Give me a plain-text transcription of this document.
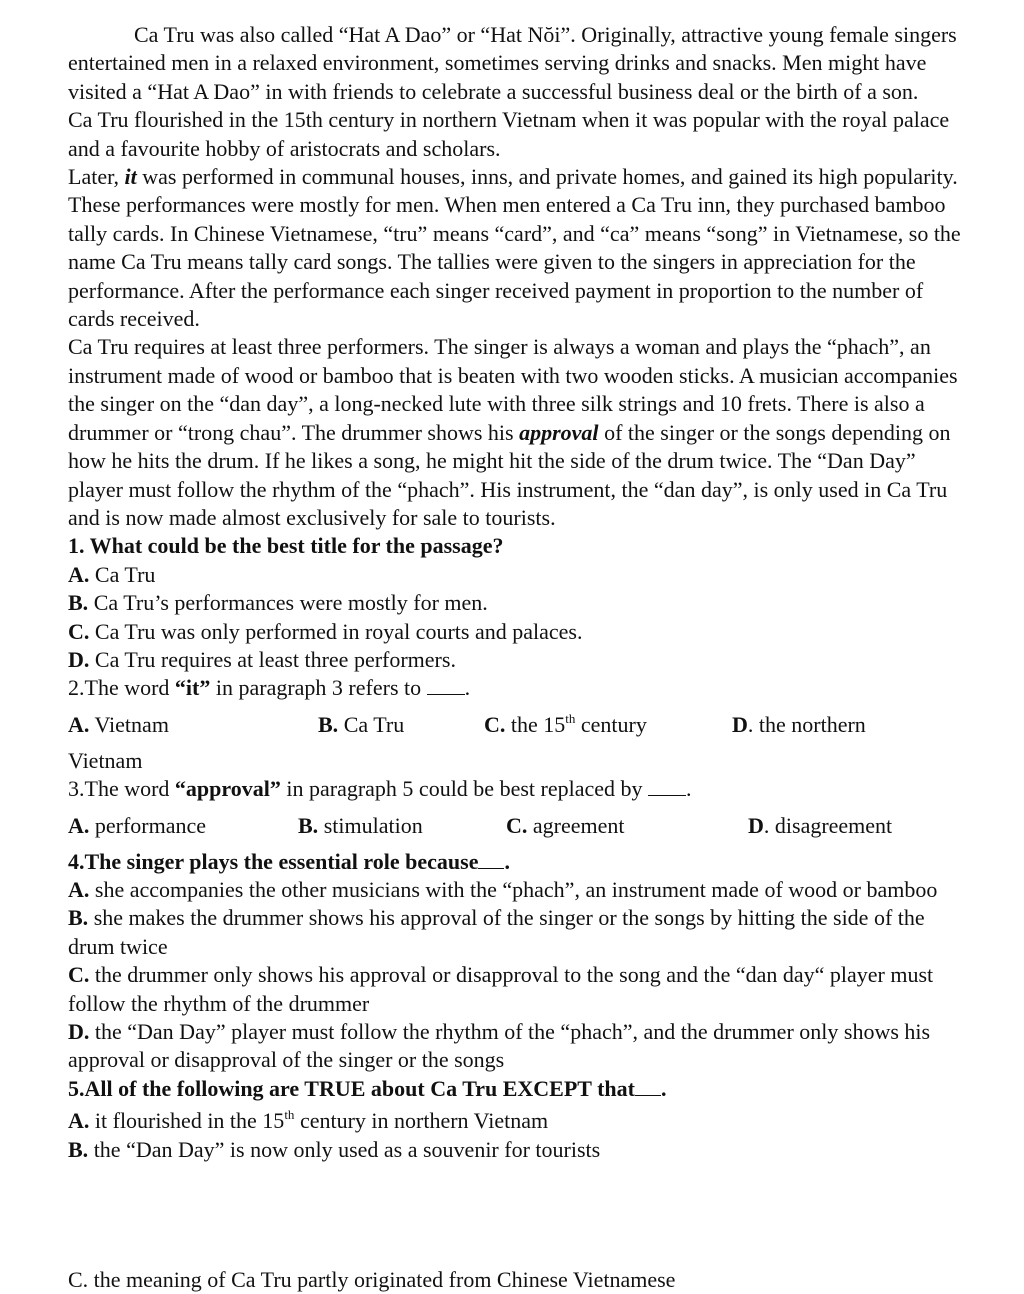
Ca Tru was also called “Hat A Dao” or “Hat Nŏi”. Originally, attractive young female singers entertained men in a relaxed environment, sometimes serving drinks and snacks. Men might have visited a “Hat A Dao” in with friends to celebrate a successful business deal or the birth of a son.

Ca Tru flourished in the 15th century in northern Vietnam when it was popular with the royal palace and a favourite hobby of aristocrats and scholars.

Later, it was performed in communal houses, inns, and private homes, and gained its high popularity.

These performances were mostly for men. When men entered a Ca Tru inn, they purchased bamboo tally cards. In Chinese Vietnamese, “tru” means “card”, and “ca” means “song” in Vietnamese, so the name Ca Tru means tally card songs. The tallies were given to the singers in appreciation for the performance. After the performance each singer received payment in proportion to the number of cards received.

Ca Tru requires at least three performers. The singer is always a woman and plays the “phach”, an instrument made of wood or bamboo that is beaten with two wooden sticks. A musician accompanies the singer on the “dan day”, a long-necked lute with three silk strings and 10 frets. There is also a drummer or “trong chau”. The drummer shows his approval of the singer or the songs depending on how he hits the drum. If he likes a song, he might hit the side of the drum twice. The “Dan Day” player must follow the rhythm of the “phach”. His instrument, the “dan day”, is only used in Ca Tru and is now made almost exclusively for sale to tourists.

1. What could be the best title for the passage?

A. Ca Tru

B. Ca Tru’s performances were mostly for men.

C. Ca Tru was only performed in royal courts and palaces.

D. Ca Tru requires at least three performers.

2.The word “it” in paragraph 3 refers to .

A. Vietnam	B. Ca Tru	C. the 15th century	D. the northern

Vietnam

3.The word “approval” in paragraph 5 could be best replaced by .

A. performance	B. stimulation	C. agreement	D. disagreement

4.The singer plays the essential role because .

A. she accompanies the other musicians with the “phach”, an instrument made of wood or bamboo

B. she makes the drummer shows his approval of the singer or the songs by hitting the side of the drum twice

C. the drummer only shows his approval or disapproval to the song and the “dan day“ player must follow the rhythm of the drummer

D. the “Dan Day” player must follow the rhythm of the “phach”, and the drummer only shows his approval or disapproval of the singer or the songs

5.All of the following are TRUE about Ca Tru EXCEPT that .

A. it flourished in the 15th century in northern Vietnam

B. the “Dan Day” is now only used as a souvenir for tourists

C. the meaning of Ca Tru partly originated from Chinese Vietnamese
